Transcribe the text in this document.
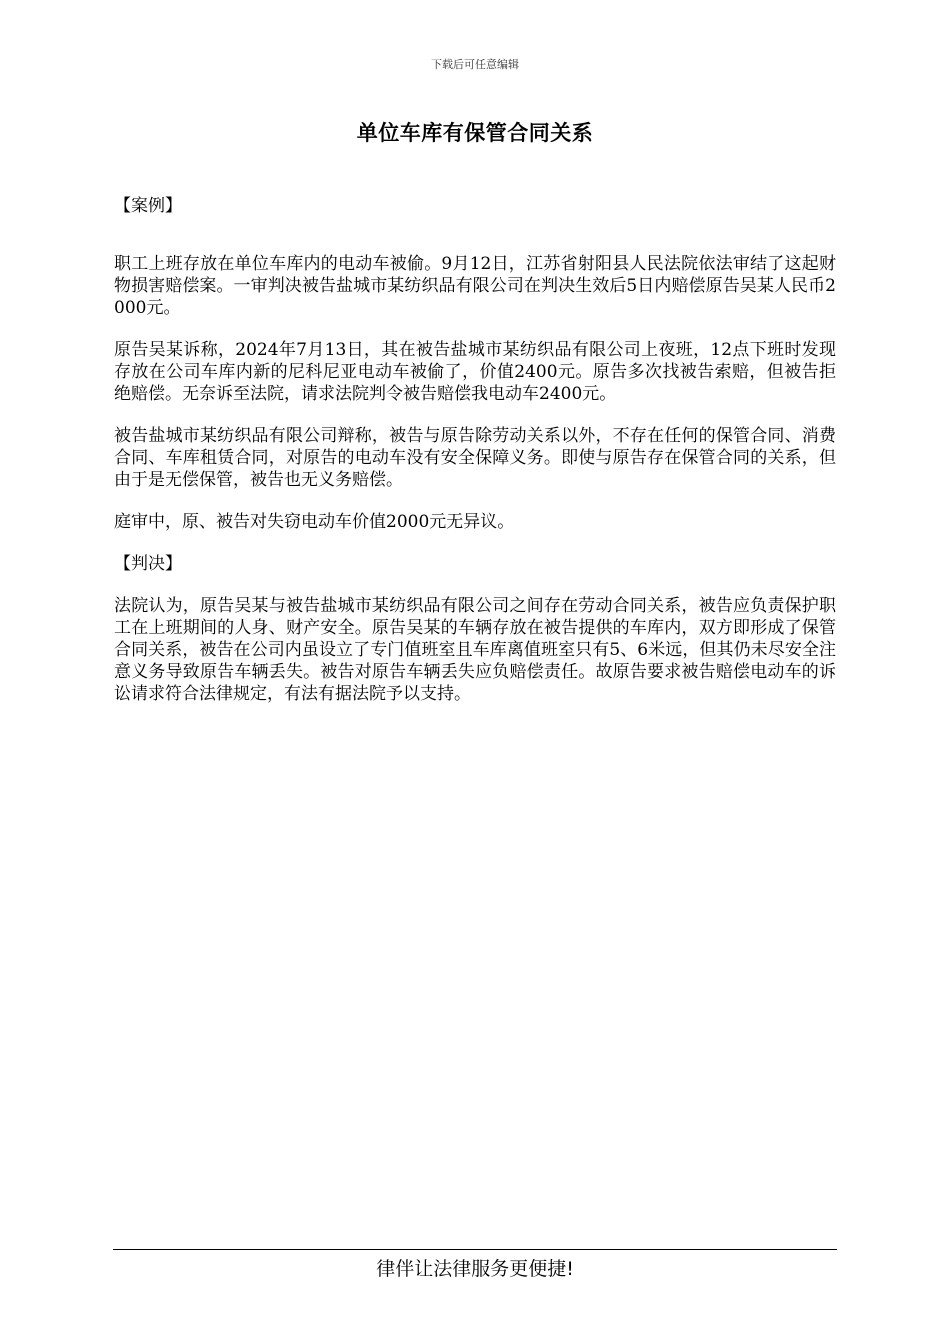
下载后可任意编辑
单位车库有保管合同关系

【案例】

职工上班存放在单位车库内的电动车被偷。9月12日，江苏省射阳县人民法院依法审结了这起财物损害赔偿案。一审判决被告盐城市某纺织品有限公司在判决生效后5日内赔偿原告吴某人民币2000元。

原告吴某诉称，2024年7月13日，其在被告盐城市某纺织品有限公司上夜班，12点下班时发现存放在公司车库内新的尼科尼亚电动车被偷了，价值2400元。原告多次找被告索赔，但被告拒绝赔偿。无奈诉至法院，请求法院判令被告赔偿我电动车2400元。

被告盐城市某纺织品有限公司辩称，被告与原告除劳动关系以外，不存在任何的保管合同、消费合同、车库租赁合同，对原告的电动车没有安全保障义务。即使与原告存在保管合同的关系，但由于是无偿保管，被告也无义务赔偿。

庭审中，原、被告对失窃电动车价值2000元无异议。

【判决】

法院认为，原告吴某与被告盐城市某纺织品有限公司之间存在劳动合同关系，被告应负责保护职工在上班期间的人身、财产安全。原告吴某的车辆存放在被告提供的车库内，双方即形成了保管合同关系，被告在公司内虽设立了专门值班室且车库离值班室只有5、6米远，但其仍未尽安全注意义务导致原告车辆丢失。被告对原告车辆丢失应负赔偿责任。故原告要求被告赔偿电动车的诉讼请求符合法律规定，有法有据法院予以支持。

律伴让法律服务更便捷!
